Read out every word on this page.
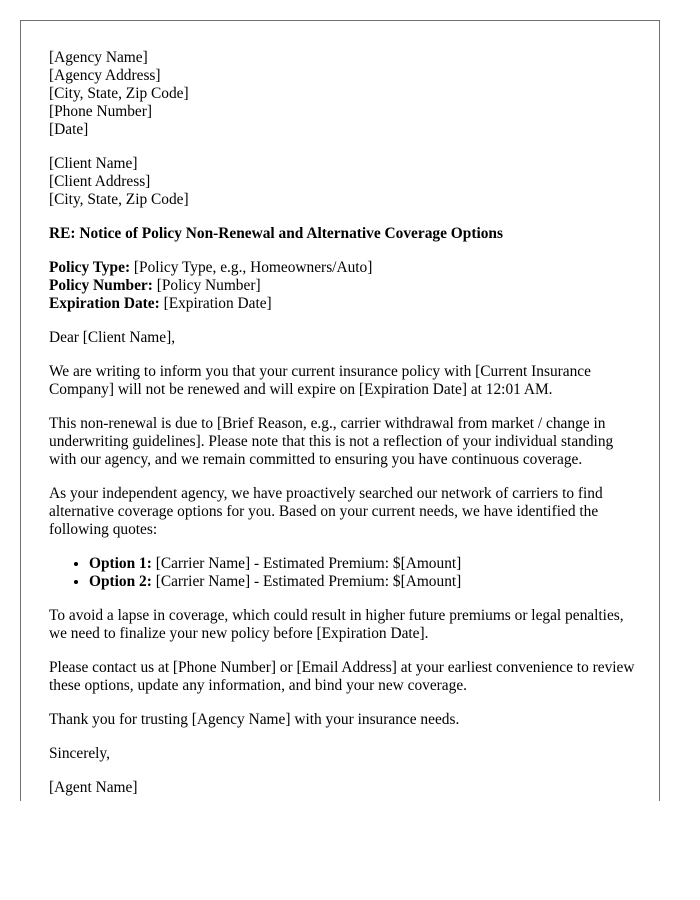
[Agency Name]
[Agency Address]
[City, State, Zip Code]
[Phone Number]
[Date]
[Client Name]
[Client Address]
[City, State, Zip Code]
RE: Notice of Policy Non-Renewal and Alternative Coverage Options
Policy Type: [Policy Type, e.g., Homeowners/Auto]
Policy Number: [Policy Number]
Expiration Date: [Expiration Date]

Dear [Client Name],

We are writing to inform you that your current insurance policy with [Current Insurance Company] will not be renewed and will expire on [Expiration Date] at 12:01 AM.

This non-renewal is due to [Brief Reason, e.g., carrier withdrawal from market / change in underwriting guidelines]. Please note that this is not a reflection of your individual standing with our agency, and we remain committed to ensuring you have continuous coverage.

As your independent agency, we have proactively searched our network of carriers to find alternative coverage options for you. Based on your current needs, we have identified the following quotes:

• Option 1: [Carrier Name] - Estimated Premium: $[Amount]
• Option 2: [Carrier Name] - Estimated Premium: $[Amount]

To avoid a lapse in coverage, which could result in higher future premiums or legal penalties, we need to finalize your new policy before [Expiration Date].

Please contact us at [Phone Number] or [Email Address] at your earliest convenience to review these options, update any information, and bind your new coverage.

Thank you for trusting [Agency Name] with your insurance needs.

Sincerely,

[Agent Name]
